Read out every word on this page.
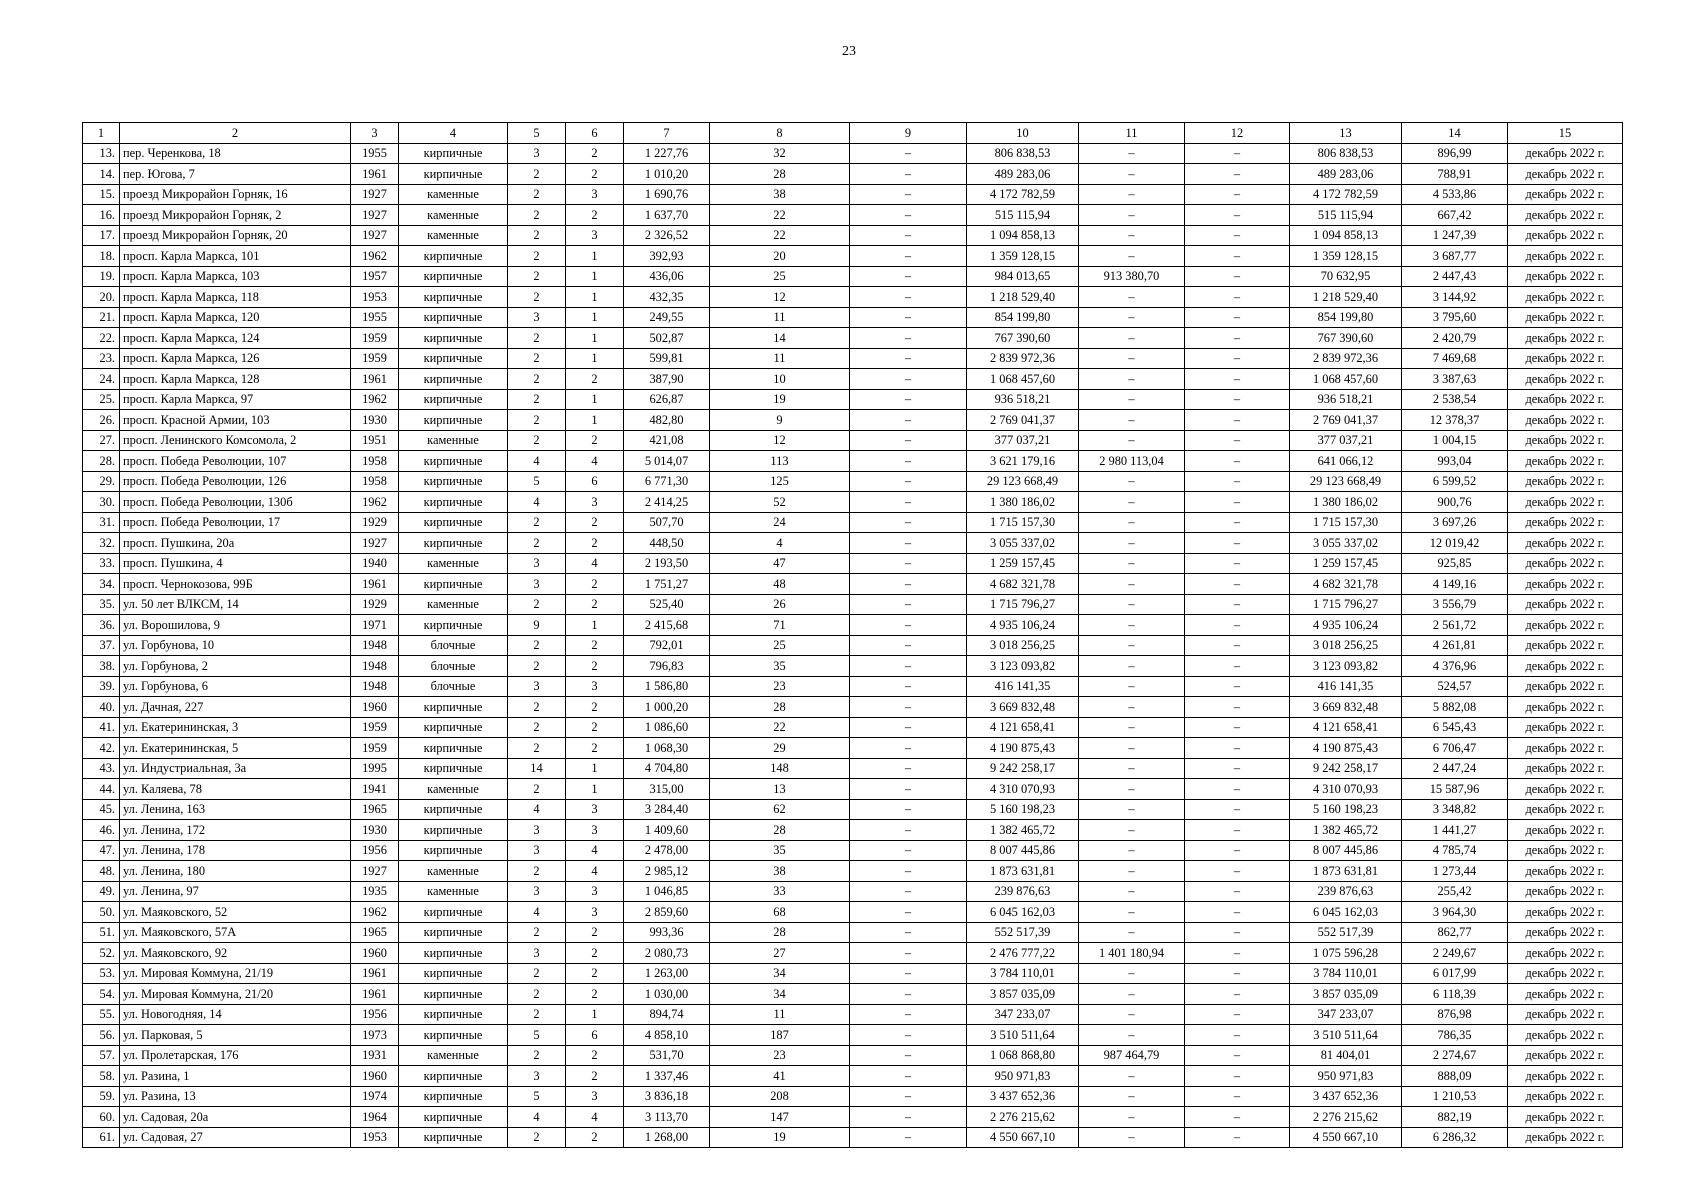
23
1	2	3	4	5	6	7	8	9	10	11	12	13	14	15
13.	пер. Черенкова, 18	1955	кирпичные	3	2	1 227,76	32	–	806 838,53	–	–	806 838,53	896,99	декабрь 2022 г.
14.	пер. Югова, 7	1961	кирпичные	2	2	1 010,20	28	–	489 283,06	–	–	489 283,06	788,91	декабрь 2022 г.
15.	проезд Микрорайон Горняк, 16	1927	каменные	2	3	1 690,76	38	–	4 172 782,59	–	–	4 172 782,59	4 533,86	декабрь 2022 г.
16.	проезд Микрорайон Горняк, 2	1927	каменные	2	2	1 637,70	22	–	515 115,94	–	–	515 115,94	667,42	декабрь 2022 г.
17.	проезд Микрорайон Горняк, 20	1927	каменные	2	3	2 326,52	22	–	1 094 858,13	–	–	1 094 858,13	1 247,39	декабрь 2022 г.
18.	просп. Карла Маркса, 101	1962	кирпичные	2	1	392,93	20	–	1 359 128,15	–	–	1 359 128,15	3 687,77	декабрь 2022 г.
19.	просп. Карла Маркса, 103	1957	кирпичные	2	1	436,06	25	–	984 013,65	913 380,70	–	70 632,95	2 447,43	декабрь 2022 г.
20.	просп. Карла Маркса, 118	1953	кирпичные	2	1	432,35	12	–	1 218 529,40	–	–	1 218 529,40	3 144,92	декабрь 2022 г.
21.	просп. Карла Маркса, 120	1955	кирпичные	3	1	249,55	11	–	854 199,80	–	–	854 199,80	3 795,60	декабрь 2022 г.
22.	просп. Карла Маркса, 124	1959	кирпичные	2	1	502,87	14	–	767 390,60	–	–	767 390,60	2 420,79	декабрь 2022 г.
23.	просп. Карла Маркса, 126	1959	кирпичные	2	1	599,81	11	–	2 839 972,36	–	–	2 839 972,36	7 469,68	декабрь 2022 г.
24.	просп. Карла Маркса, 128	1961	кирпичные	2	2	387,90	10	–	1 068 457,60	–	–	1 068 457,60	3 387,63	декабрь 2022 г.
25.	просп. Карла Маркса, 97	1962	кирпичные	2	1	626,87	19	–	936 518,21	–	–	936 518,21	2 538,54	декабрь 2022 г.
26.	просп. Красной Армии, 103	1930	кирпичные	2	1	482,80	9	–	2 769 041,37	–	–	2 769 041,37	12 378,37	декабрь 2022 г.
27.	просп. Ленинского Комсомола, 2	1951	каменные	2	2	421,08	12	–	377 037,21	–	–	377 037,21	1 004,15	декабрь 2022 г.
28.	просп. Победа Революции, 107	1958	кирпичные	4	4	5 014,07	113	–	3 621 179,16	2 980 113,04	–	641 066,12	993,04	декабрь 2022 г.
29.	просп. Победа Революции, 126	1958	кирпичные	5	6	6 771,30	125	–	29 123 668,49	–	–	29 123 668,49	6 599,52	декабрь 2022 г.
30.	просп. Победа Революции, 130б	1962	кирпичные	4	3	2 414,25	52	–	1 380 186,02	–	–	1 380 186,02	900,76	декабрь 2022 г.
31.	просп. Победа Революции, 17	1929	кирпичные	2	2	507,70	24	–	1 715 157,30	–	–	1 715 157,30	3 697,26	декабрь 2022 г.
32.	просп. Пушкина, 20а	1927	кирпичные	2	2	448,50	4	–	3 055 337,02	–	–	3 055 337,02	12 019,42	декабрь 2022 г.
33.	просп. Пушкина, 4	1940	каменные	3	4	2 193,50	47	–	1 259 157,45	–	–	1 259 157,45	925,85	декабрь 2022 г.
34.	просп. Чернокозова, 99Б	1961	кирпичные	3	2	1 751,27	48	–	4 682 321,78	–	–	4 682 321,78	4 149,16	декабрь 2022 г.
35.	ул. 50 лет ВЛКСМ, 14	1929	каменные	2	2	525,40	26	–	1 715 796,27	–	–	1 715 796,27	3 556,79	декабрь 2022 г.
36.	ул. Ворошилова, 9	1971	кирпичные	9	1	2 415,68	71	–	4 935 106,24	–	–	4 935 106,24	2 561,72	декабрь 2022 г.
37.	ул. Горбунова, 10	1948	блочные	2	2	792,01	25	–	3 018 256,25	–	–	3 018 256,25	4 261,81	декабрь 2022 г.
38.	ул. Горбунова, 2	1948	блочные	2	2	796,83	35	–	3 123 093,82	–	–	3 123 093,82	4 376,96	декабрь 2022 г.
39.	ул. Горбунова, 6	1948	блочные	3	3	1 586,80	23	–	416 141,35	–	–	416 141,35	524,57	декабрь 2022 г.
40.	ул. Дачная, 227	1960	кирпичные	2	2	1 000,20	28	–	3 669 832,48	–	–	3 669 832,48	5 882,08	декабрь 2022 г.
41.	ул. Екатерининская, 3	1959	кирпичные	2	2	1 086,60	22	–	4 121 658,41	–	–	4 121 658,41	6 545,43	декабрь 2022 г.
42.	ул. Екатерининская, 5	1959	кирпичные	2	2	1 068,30	29	–	4 190 875,43	–	–	4 190 875,43	6 706,47	декабрь 2022 г.
43.	ул. Индустриальная, 3а	1995	кирпичные	14	1	4 704,80	148	–	9 242 258,17	–	–	9 242 258,17	2 447,24	декабрь 2022 г.
44.	ул. Каляева, 78	1941	каменные	2	1	315,00	13	–	4 310 070,93	–	–	4 310 070,93	15 587,96	декабрь 2022 г.
45.	ул. Ленина, 163	1965	кирпичные	4	3	3 284,40	62	–	5 160 198,23	–	–	5 160 198,23	3 348,82	декабрь 2022 г.
46.	ул. Ленина, 172	1930	кирпичные	3	3	1 409,60	28	–	1 382 465,72	–	–	1 382 465,72	1 441,27	декабрь 2022 г.
47.	ул. Ленина, 178	1956	кирпичные	3	4	2 478,00	35	–	8 007 445,86	–	–	8 007 445,86	4 785,74	декабрь 2022 г.
48.	ул. Ленина, 180	1927	каменные	2	4	2 985,12	38	–	1 873 631,81	–	–	1 873 631,81	1 273,44	декабрь 2022 г.
49.	ул. Ленина, 97	1935	каменные	3	3	1 046,85	33	–	239 876,63	–	–	239 876,63	255,42	декабрь 2022 г.
50.	ул. Маяковского, 52	1962	кирпичные	4	3	2 859,60	68	–	6 045 162,03	–	–	6 045 162,03	3 964,30	декабрь 2022 г.
51.	ул. Маяковского, 57А	1965	кирпичные	2	2	993,36	28	–	552 517,39	–	–	552 517,39	862,77	декабрь 2022 г.
52.	ул. Маяковского, 92	1960	кирпичные	3	2	2 080,73	27	–	2 476 777,22	1 401 180,94	–	1 075 596,28	2 249,67	декабрь 2022 г.
53.	ул. Мировая Коммуна, 21/19	1961	кирпичные	2	2	1 263,00	34	–	3 784 110,01	–	–	3 784 110,01	6 017,99	декабрь 2022 г.
54.	ул. Мировая Коммуна, 21/20	1961	кирпичные	2	2	1 030,00	34	–	3 857 035,09	–	–	3 857 035,09	6 118,39	декабрь 2022 г.
55.	ул. Новогодняя, 14	1956	кирпичные	2	1	894,74	11	–	347 233,07	–	–	347 233,07	876,98	декабрь 2022 г.
56.	ул. Парковая, 5	1973	кирпичные	5	6	4 858,10	187	–	3 510 511,64	–	–	3 510 511,64	786,35	декабрь 2022 г.
57.	ул. Пролетарская, 176	1931	каменные	2	2	531,70	23	–	1 068 868,80	987 464,79	–	81 404,01	2 274,67	декабрь 2022 г.
58.	ул. Разина, 1	1960	кирпичные	3	2	1 337,46	41	–	950 971,83	–	–	950 971,83	888,09	декабрь 2022 г.
59.	ул. Разина, 13	1974	кирпичные	5	3	3 836,18	208	–	3 437 652,36	–	–	3 437 652,36	1 210,53	декабрь 2022 г.
60.	ул. Садовая, 20а	1964	кирпичные	4	4	3 113,70	147	–	2 276 215,62	–	–	2 276 215,62	882,19	декабрь 2022 г.
61.	ул. Садовая, 27	1953	кирпичные	2	2	1 268,00	19	–	4 550 667,10	–	–	4 550 667,10	6 286,32	декабрь 2022 г.
